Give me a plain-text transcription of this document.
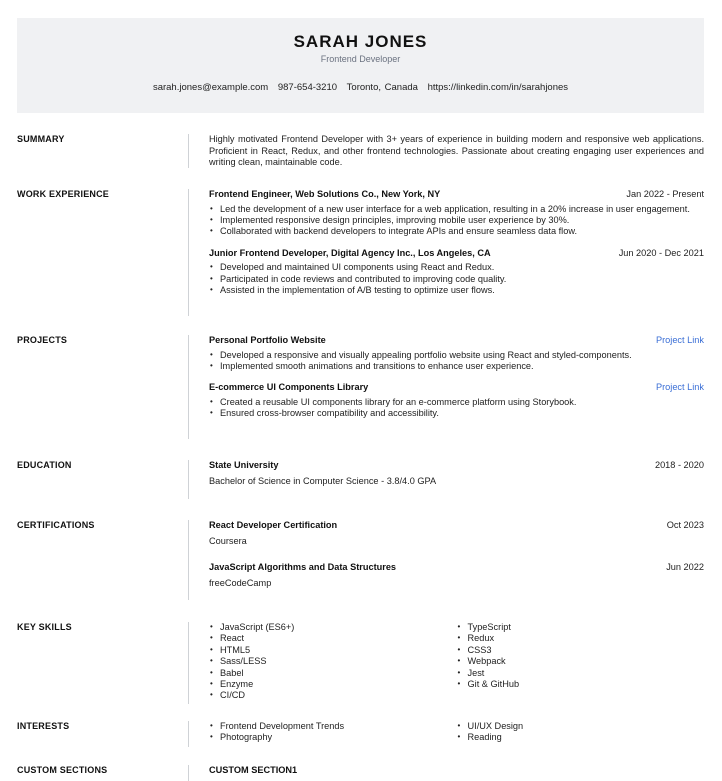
SARAH JONES
Frontend Developer
sarah.jones@example.com 987-654-3210 Toronto, Canada https://linkedin.com/in/sarahjones
SUMMARY	Highly motivated Frontend Developer with 3+ years of experience in building modern and responsive web applications. Proficient in React, Redux, and other frontend technologies. Passionate about creating engaging user experiences and writing clean, maintainable code.
WORK EXPERIENCE	Frontend Engineer, Web Solutions Co., New York, NY	Jan 2022 - Present
• Led the development of a new user interface for a web application, resulting in a 20% increase in user engagement.
• Implemented responsive design principles, improving mobile user experience by 30%.
• Collaborated with backend developers to integrate APIs and ensure seamless data flow.
Junior Frontend Developer, Digital Agency Inc., Los Angeles, CA	Jun 2020 - Dec 2021
• Developed and maintained UI components using React and Redux.
• Participated in code reviews and contributed to improving code quality.
• Assisted in the implementation of A/B testing to optimize user flows.
PROJECTS	Personal Portfolio Website	Project Link
• Developed a responsive and visually appealing portfolio website using React and styled-components.
• Implemented smooth animations and transitions to enhance user experience.
E-commerce UI Components Library	Project Link
• Created a reusable UI components library for an e-commerce platform using Storybook.
• Ensured cross-browser compatibility and accessibility.
EDUCATION	State University	2018 - 2020
Bachelor of Science in Computer Science - 3.8/4.0 GPA
CERTIFICATIONS	React Developer Certification	Oct 2023
Coursera
JavaScript Algorithms and Data Structures	Jun 2022
freeCodeCamp
KEY SKILLS	• JavaScript (ES6+)
• React
• HTML5
• Sass/LESS
• Babel
• Enzyme
• CI/CD
• TypeScript
• Redux
• CSS3
• Webpack
• Jest
• Git & GitHub
INTERESTS	• Frontend Development Trends
• Photography
• UI/UX Design
• Reading
CUSTOM SECTIONS	CUSTOM SECTION1
